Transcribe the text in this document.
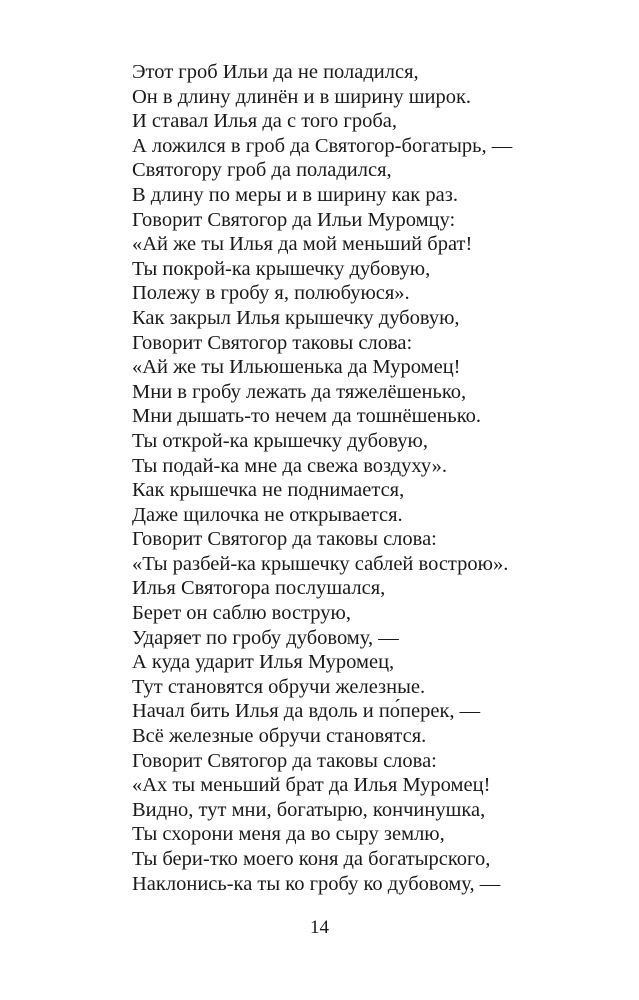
Этот гроб Ильи да не поладился,
Он в длину длинён и в ширину широк.
И ставал Илья да с того гроба,
А ложился в гроб да Святогор-богатырь, —
Святогору гроб да поладился,
В длину по меры и в ширину как раз.
Говорит Святогор да Ильи Муромцу:
«Ай же ты Илья да мой меньший брат!
Ты покрой-ка крышечку дубовую,
Полежу в гробу я, полюбуюся».
Как закрыл Илья крышечку дубовую,
Говорит Святогор таковы слова:
«Ай же ты Ильюшенька да Муромец!
Мни в гробу лежать да тяжелёшенько,
Мни дышать-то нечем да тошнёшенько.
Ты открой-ка крышечку дубовую,
Ты подай-ка мне да свежа воздуху».
Как крышечка не поднимается,
Даже щилочка не открывается.
Говорит Святогор да таковы слова:
«Ты разбей-ка крышечку саблей вострою».
Илья Святогора послушался,
Берет он саблю вострую,
Ударяет по гробу дубовому, —
А куда ударит Илья Муромец,
Тут становятся обручи железные.
Начал бить Илья да вдоль и по́перек, —
Всё железные обручи становятся.
Говорит Святогор да таковы слова:
«Ах ты меньший брат да Илья Муромец!
Видно, тут мни, богатырю, кончинушка,
Ты схорони меня да во сыру землю,
Ты бери-тко моего коня да богатырского,
Наклонись-ка ты ко гробу ко дубовому, —
14
